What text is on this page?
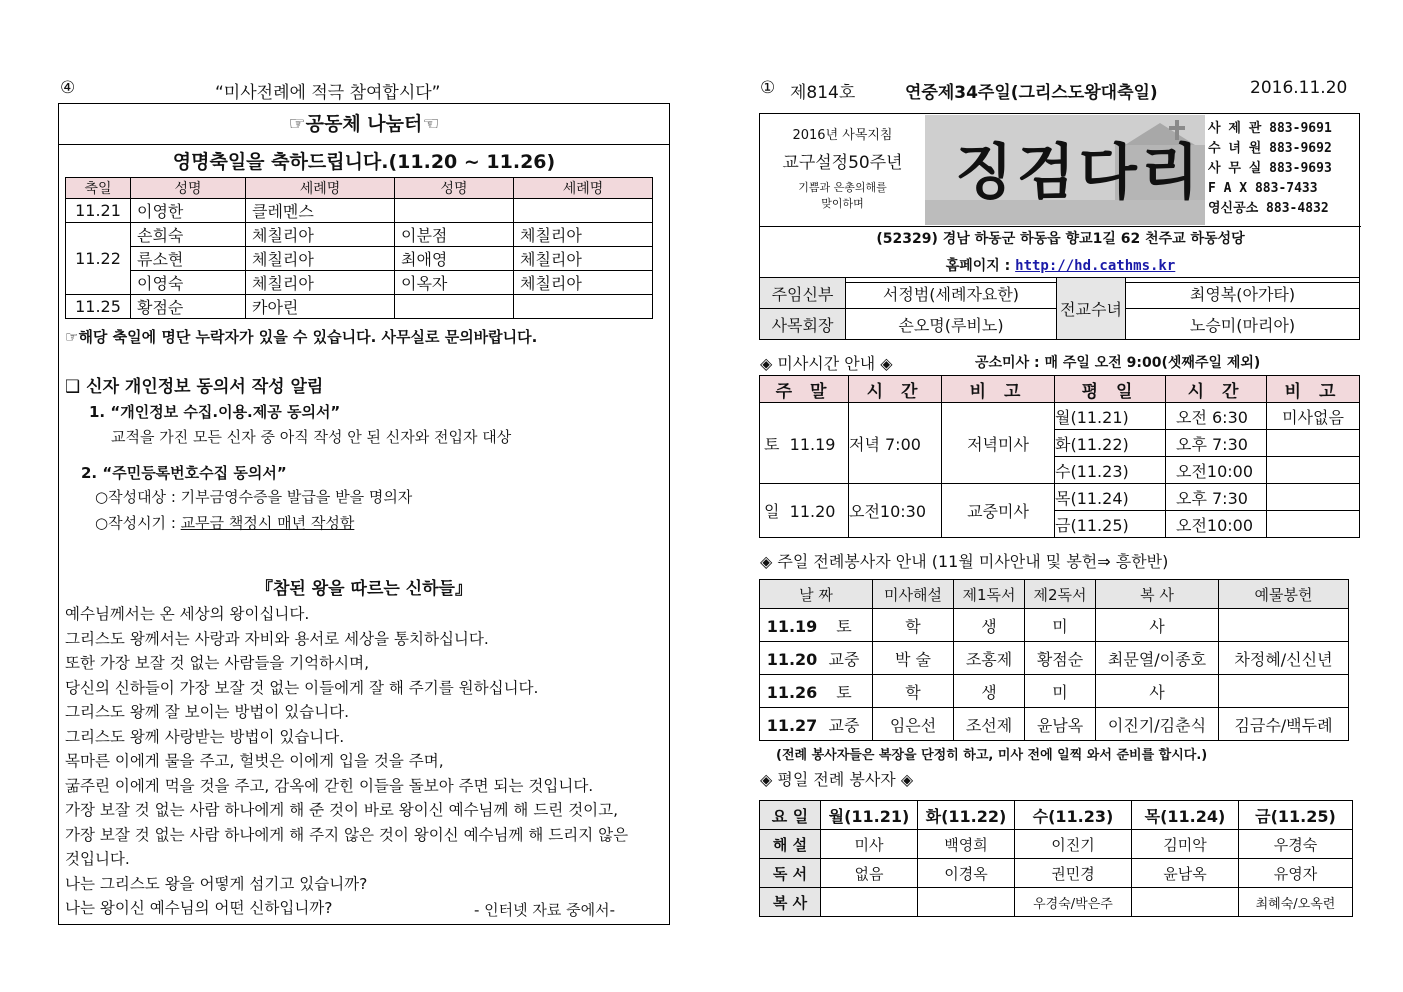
④	“미사전례에 적극 참여합시다”
☞공동체 나눔터☜
영명축일을 축하드립니다.(11.20 ~ 11.26)
축일	성명	세례명	성명	세례명
11.21	이영한	클레멘스		
11.22	손희숙	체칠리아	이분점	체칠리아
	류소현	체칠리아	최애영	체칠리아
	이영숙	체칠리아	이옥자	체칠리아
11.25	황점순	카아린		
☞해당 축일에 명단 누락자가 있을 수 있습니다. 사무실로 문의바랍니다.
❑ 신자 개인정보 동의서 작성 알림
1. “개인정보 수집.이용.제공 동의서”
교적을 가진 모든 신자 중 아직 작성 안 된 신자와 전입자 대상
2. “주민등록번호수집 동의서”
○작성대상 : 기부금영수증을 발급을 받을 명의자
○작성시기 : 교무금 책정시 매년 작성함
『참된 왕을 따르는 신하들』
예수님께서는 온 세상의 왕이십니다.
그리스도 왕께서는 사랑과 자비와 용서로 세상을 통치하십니다.
또한 가장 보잘 것 없는 사람들을 기억하시며,
당신의 신하들이 가장 보잘 것 없는 이들에게 잘 해 주기를 원하십니다.
그리스도 왕께 잘 보이는 방법이 있습니다.
그리스도 왕께 사랑받는 방법이 있습니다.
목마른 이에게 물을 주고, 헐벗은 이에게 입을 것을 주며,
굶주린 이에게 먹을 것을 주고, 감옥에 갇힌 이들을 돌보아 주면 되는 것입니다.
가장 보잘 것 없는 사람 하나에게 해 준 것이 바로 왕이신 예수님께 해 드린 것이고,
가장 보잘 것 없는 사람 하나에게 해 주지 않은 것이 왕이신 예수님께 해 드리지 않은
것입니다.
나는 그리스도 왕을 어떻게 섬기고 있습니까?
나는 왕이신 예수님의 어떤 신하입니까?	- 인터넷 자료 중에서-
① 제814호	연중제34주일(그리스도왕대축일)	2016.11.20
2016년 사목지침
교구설정50주년
기쁨과 은총의해를
맞이하며	징검다리
사 제 관 883-9691
수 녀 원 883-9692
사 무 실 883-9693
F A X 883-7433
영신공소 883-4832
(52329) 경남 하동군 하동읍 향교1길 62 천주교 하동성당
홈페이지 : http://hd.cathms.kr
주임신부	서정범(세례자요한)	전교수녀	최영복(아가타)
사목회장	손오명(루비노)		노승미(마리아)
◈ 미사시간 안내 ◈	공소미사 : 매 주일 오전 9:00(셋째주일 제외)
주 말	시 간	비 고	평 일	시 간	비 고
토 11.19	저녁 7:00	저녁미사	월(11.21)	오전 6:30	미사없음
			화(11.22)	오후 7:30	
			수(11.23)	오전10:00	
일 11.20	오전10:30	교중미사	목(11.24)	오후 7:30	
			금(11.25)	오전10:00	
◈ 주일 전례봉사자 안내 (11월 미사안내 및 봉헌⇒ 흥한반)
날 짜	미사해설	제1독서	제2독서	복 사	예물봉헌
11.19 토	학	생	미	사	
11.20 교중	박 술	조홍제	황점순	최문열/이종호	차정혜/신신년
11.26 토	학	생	미	사	
11.27 교중	임은선	조선제	윤남옥	이진기/김춘식	김금수/백두례
(전례 봉사자들은 복장을 단정히 하고, 미사 전에 일찍 와서 준비를 합시다.)
◈ 평일 전례 봉사자 ◈
요 일	월(11.21)	화(11.22)	수(11.23)	목(11.24)	금(11.25)
해 설	미사	백영희	이진기	김미악	우경숙
독 서	없음	이경옥	권민경	윤남옥	유영자
복 사			우경숙/박은주		최혜숙/오옥련
